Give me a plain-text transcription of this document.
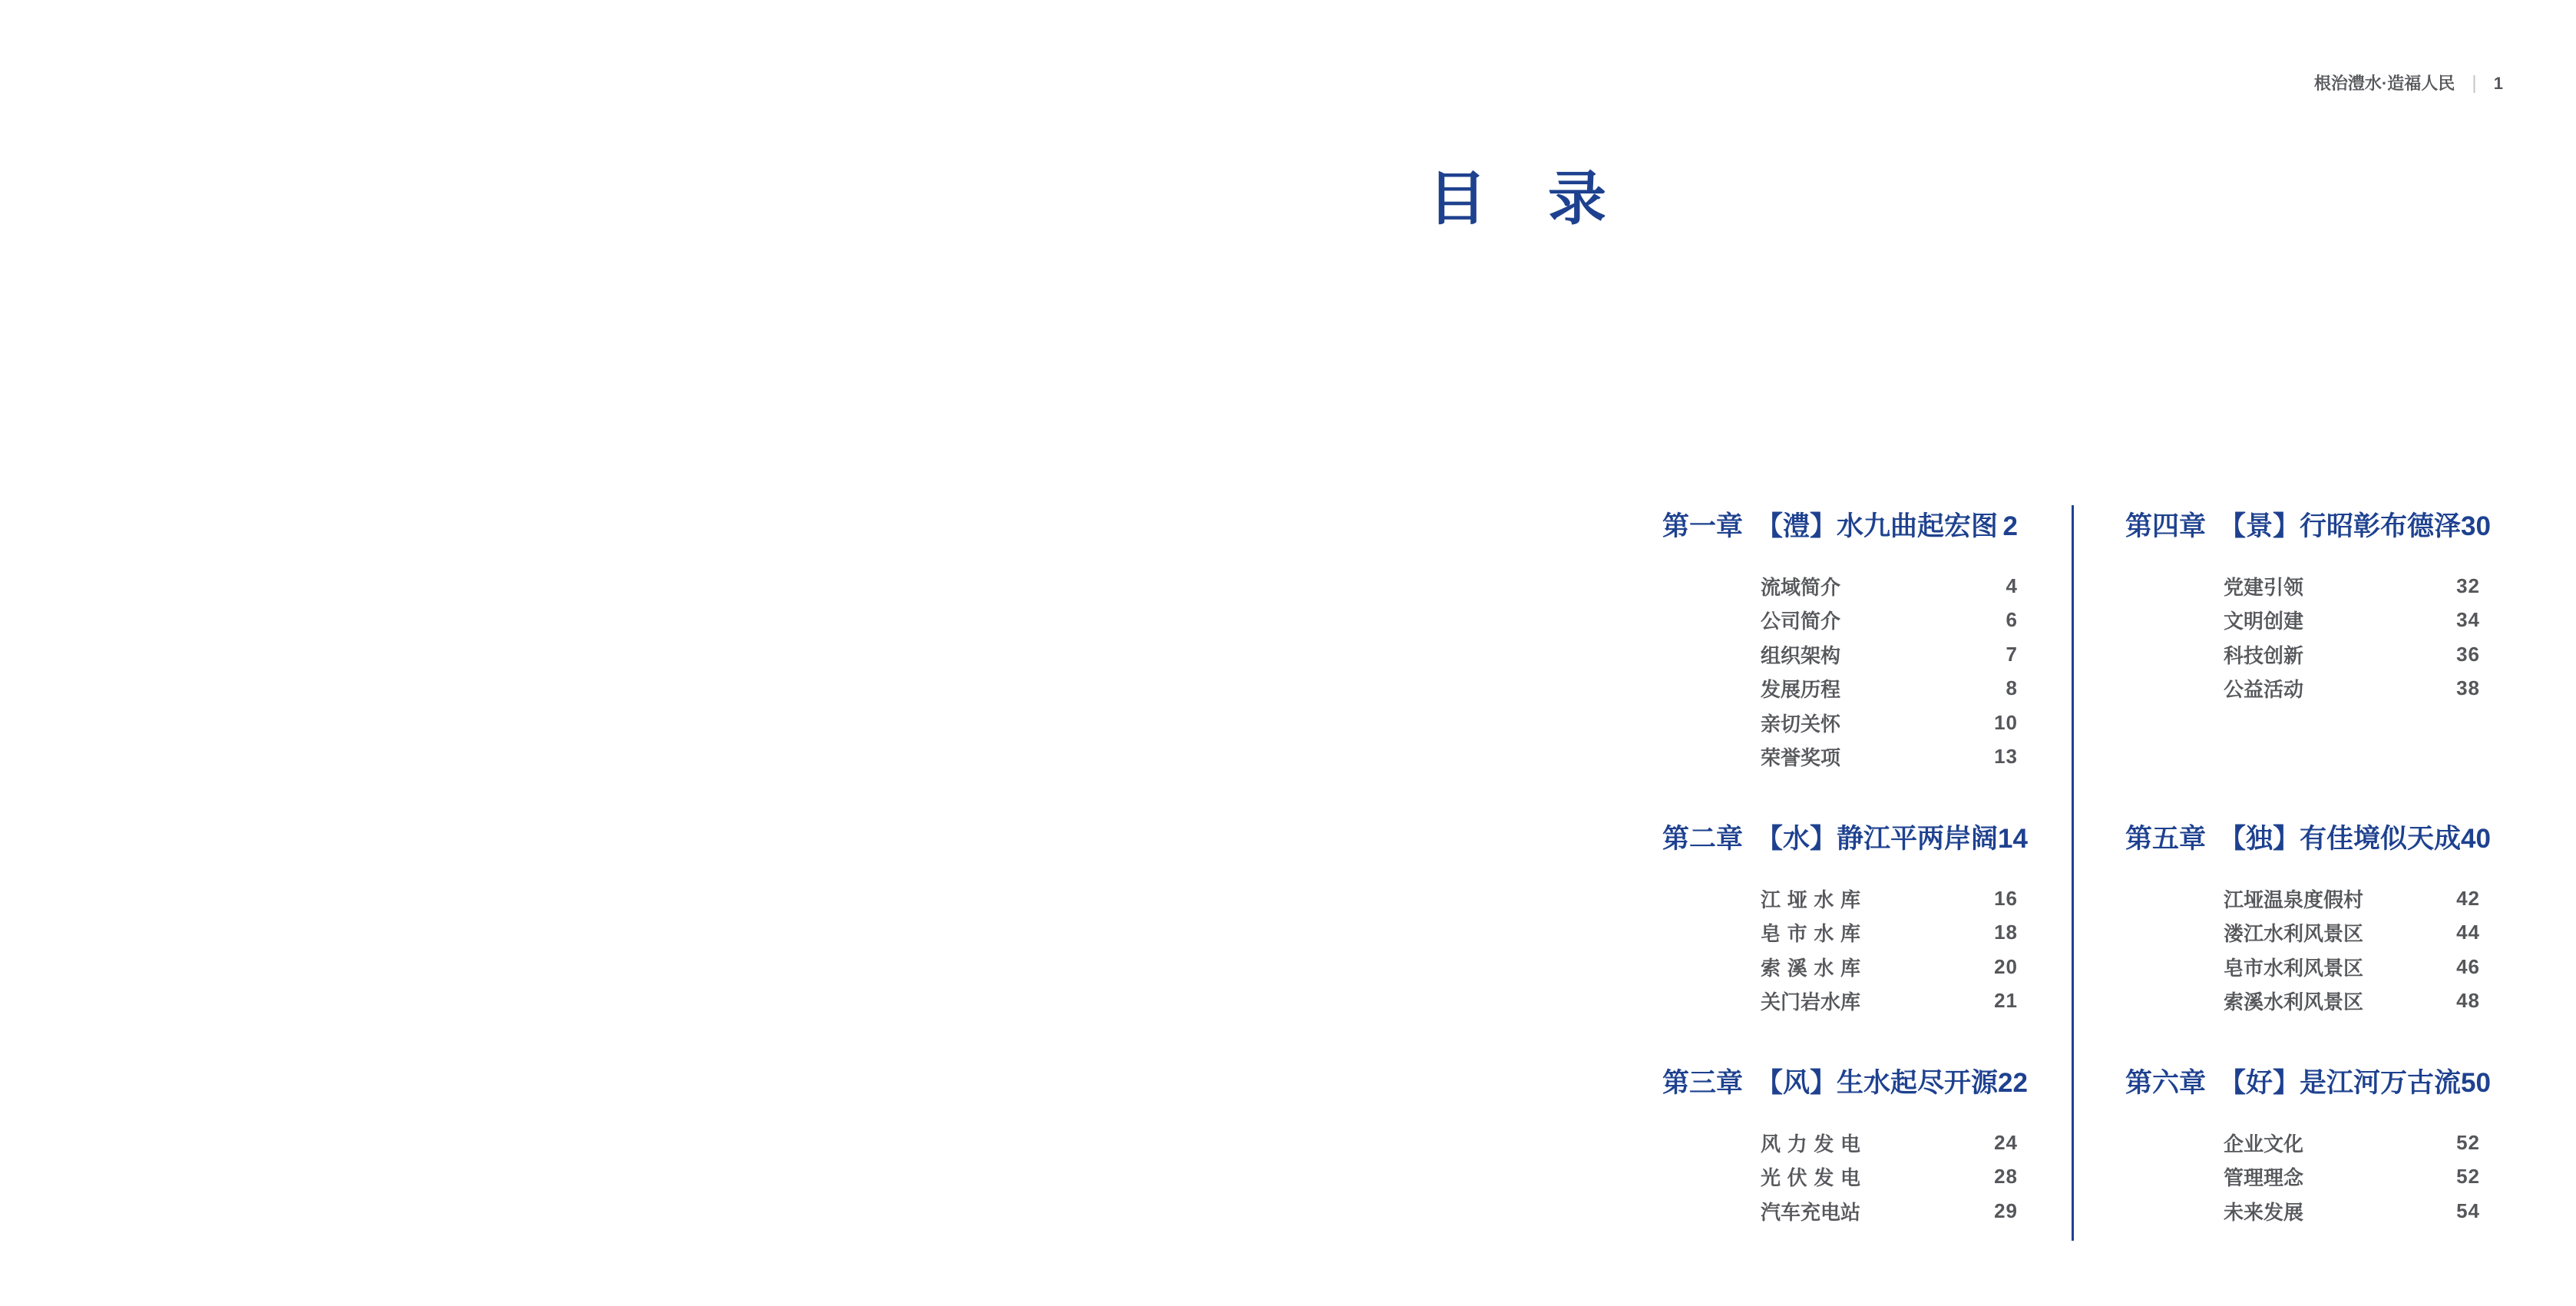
根治澧水·造福人民 | 1
目　录
第一章 【澧】水九曲起宏图 2
流域简介	4
公司简介	6
组织架构	7
发展历程	8
亲切关怀	10
荣誉奖项	13
第二章 【水】静江平两岸阔 14
江垭水库	16
皂市水库	18
索溪水库	20
关门岩水库	21
第三章 【风】生水起尽开源 22
风力发电	24
光伏发电	28
汽车充电站	29
第四章 【景】行昭彰布德泽 30
党建引领	32
文明创建	34
科技创新	36
公益活动	38
第五章 【独】有佳境似天成 40
江垭温泉度假村	42
溇江水利风景区	44
皂市水利风景区	46
索溪水利风景区	48
第六章 【好】是江河万古流 50
企业文化	52
管理理念	52
未来发展	54
